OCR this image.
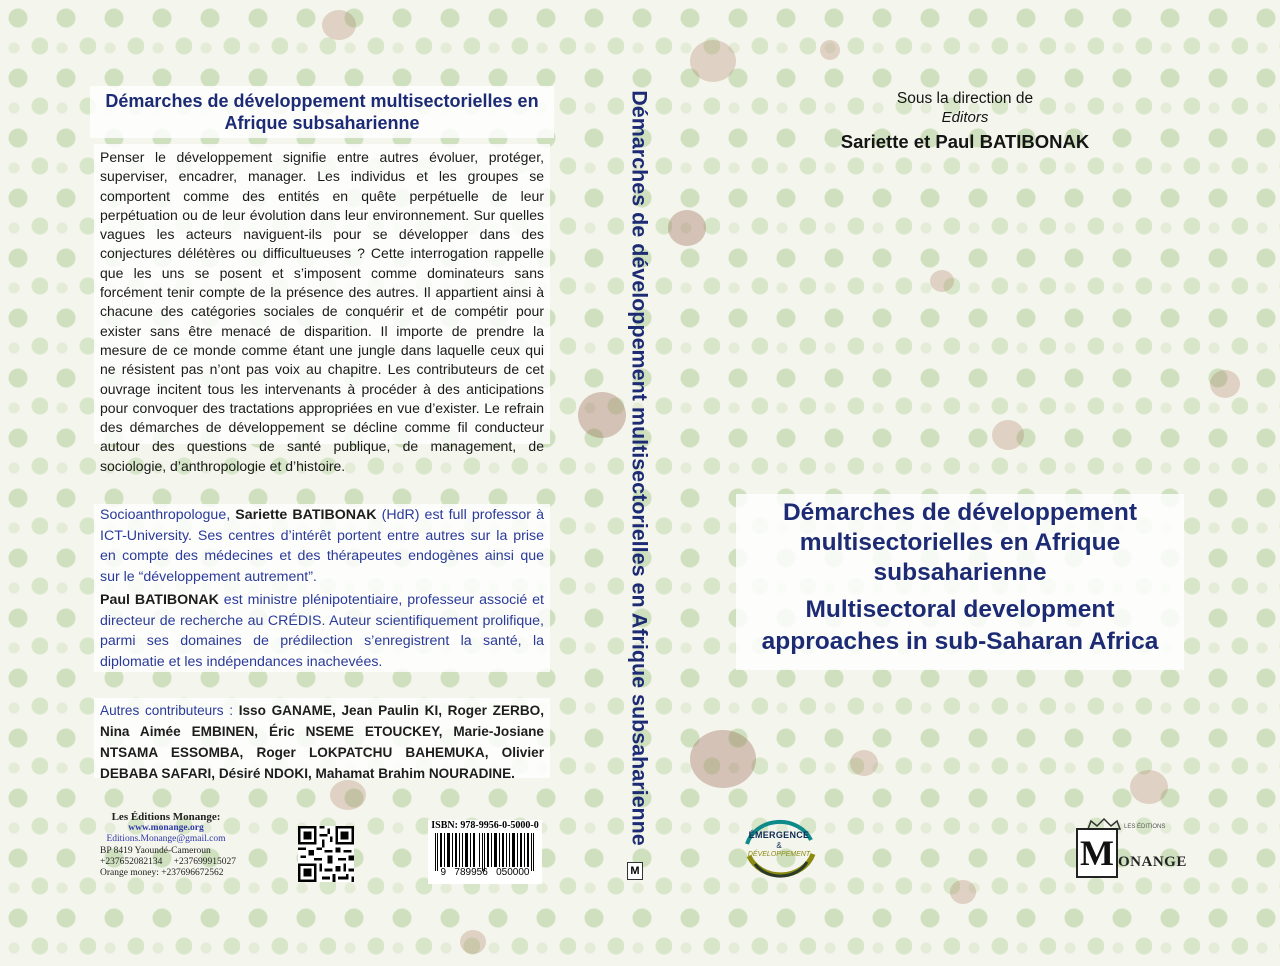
Démarches de développement multisectorielles en Afrique subsaharienne
Penser le développement signifie entre autres évoluer, protéger, superviser, encadrer, manager. Les individus et les groupes se comportent comme des entités en quête perpétuelle de leur perpétuation ou de leur évolution dans leur environnement. Sur quelles vagues les acteurs naviguent-ils pour se développer dans des conjectures délétères ou difficultueuses ? Cette interrogation rappelle que les uns se posent et s’imposent comme dominateurs sans forcément tenir compte de la présence des autres. Il appartient ainsi à chacune des catégories sociales de conquérir et de compétir pour exister sans être menacé de disparition. Il importe de prendre la mesure de ce monde comme étant une jungle dans laquelle ceux qui ne résistent pas n’ont pas voix au chapitre. Les contributeurs de cet ouvrage incitent tous les intervenants à procéder à des anticipations pour convoquer des tractations appropriées en vue d’exister. Le refrain des démarches de développement se décline comme fil conducteur autour des questions de santé publique, de management, de sociologie, d’anthropologie et d’histoire.
Socioanthropologue, Sariette BATIBONAK (HdR) est full professor à ICT-University. Ses centres d’intérêt portent entre autres sur la prise en compte des médecines et des thérapeutes endogènes ainsi que sur le “développement autrement”.
Paul BATIBONAK est ministre plénipotentiaire, professeur associé et directeur de recherche au CRÉDIS. Auteur scientifiquement prolifique, parmi ses domaines de prédilection s’enregistrent la santé, la diplomatie et les indépendances inachevées.
Autres contributeurs : Isso GANAME, Jean Paulin KI, Roger ZERBO, Nina Aimée EMBINEN, Éric NSEME ETOUCKEY, Marie-Josiane NTSAMA ESSOMBA, Roger LOKPATCHU BAHEMUKA, Olivier DEBABA SAFARI, Désiré NDOKI, Mahamat Brahim NOURADINE.
Les Éditions Monange:
www.monange.org
Editions.Monange@gmail.com
BP 8419 Yaoundé-Cameroun
+237652082134 +237699915027
Orange money: +237696672562
ISBN: 978-9956-0-5000-0
9   789956   050000
Démarches de développement multisectorielles en Afrique subsaharienne
M
Sous la direction de
Editors
Sariette et Paul BATIBONAK
Démarches de développement multisectorielles en Afrique subsaharienne
Multisectoral development approaches in sub-Saharan Africa
ÉMERGENCE
&
DÉVELOPPEMENT
LES ÉDITIONS
M ONANGE
